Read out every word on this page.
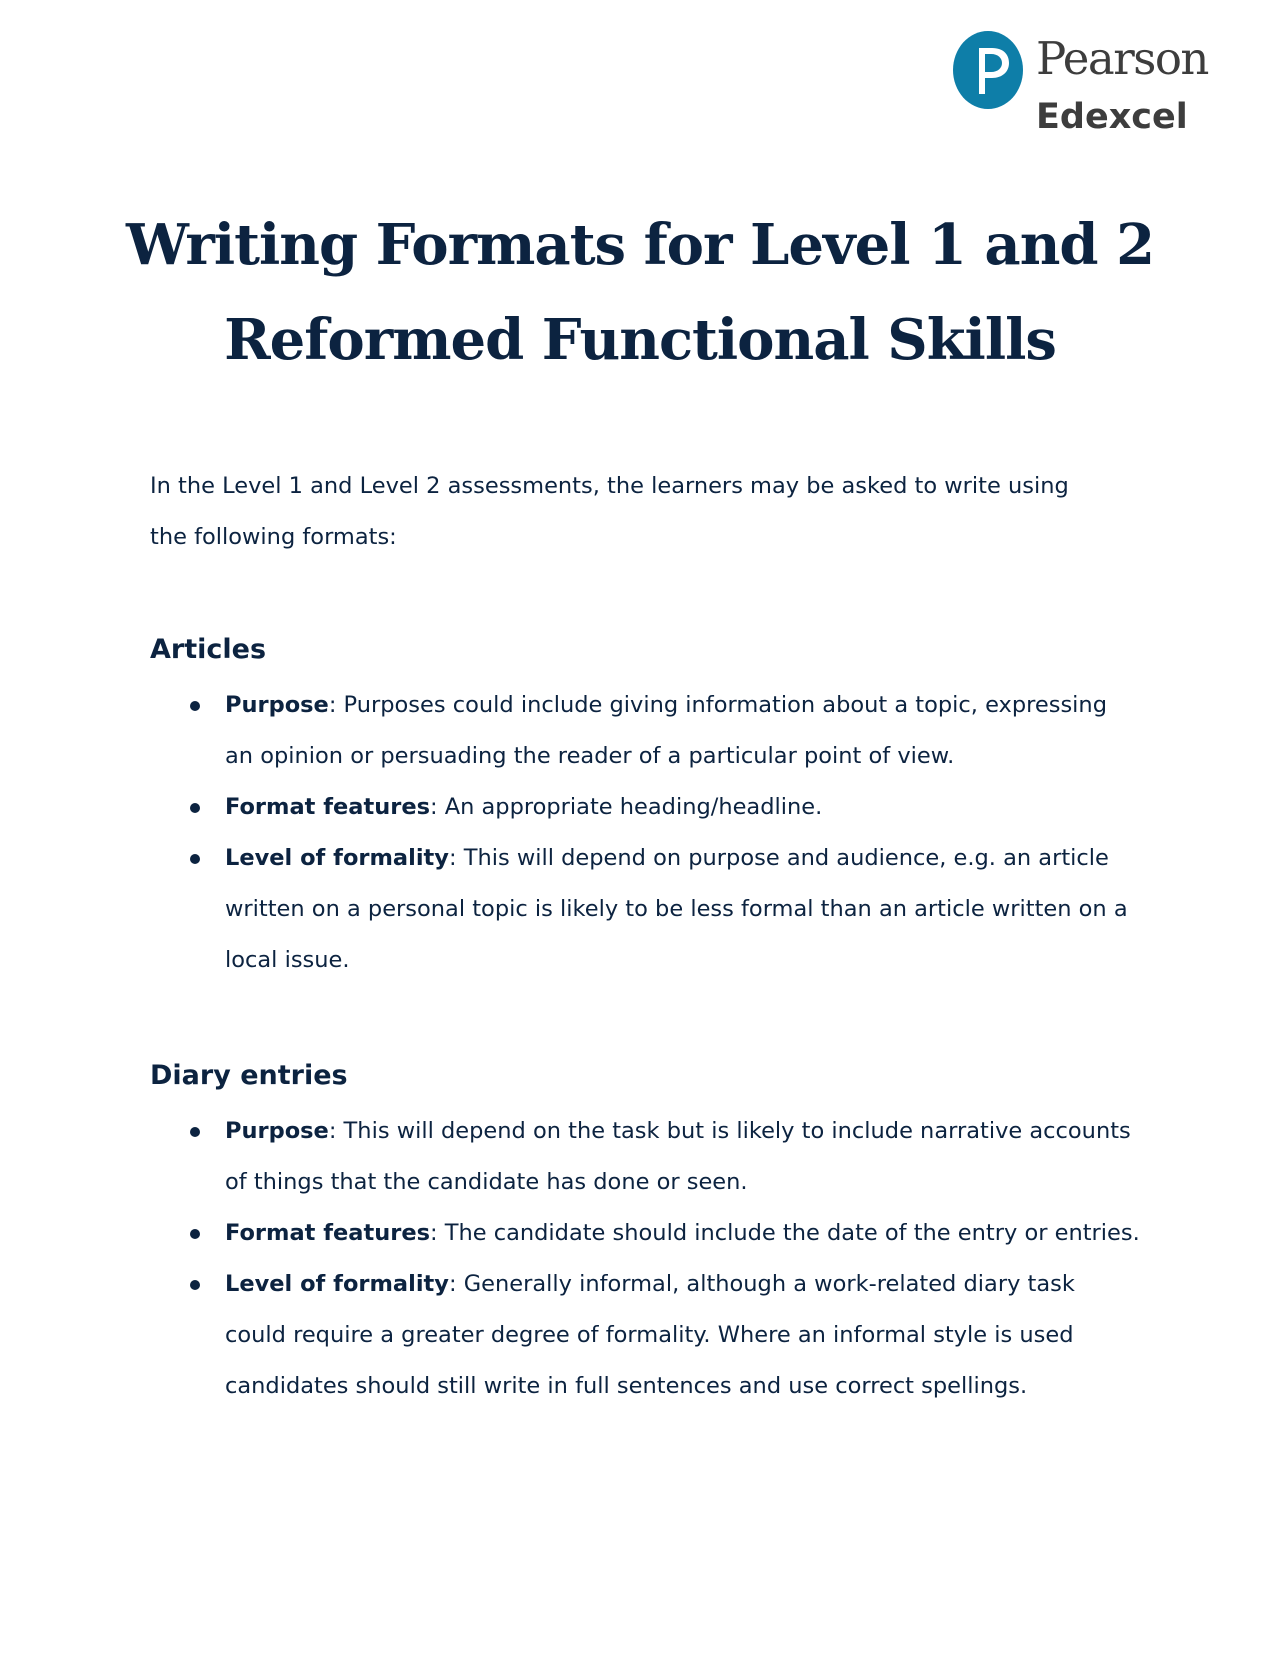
Pearson
Edexcel
Writing Formats for Level 1 and 2
Reformed Functional Skills

In the Level 1 and Level 2 assessments, the learners may be asked to write using the following formats:

Articles
Purpose: Purposes could include giving information about a topic, expressing an opinion or persuading the reader of a particular point of view.
Format features: An appropriate heading/headline.
Level of formality: This will depend on purpose and audience, e.g. an article written on a personal topic is likely to be less formal than an article written on a local issue.
Diary entries
Purpose: This will depend on the task but is likely to include narrative accounts of things that the candidate has done or seen.
Format features: The candidate should include the date of the entry or entries.
Level of formality: Generally informal, although a work-related diary task could require a greater degree of formality. Where an informal style is used candidates should still write in full sentences and use correct spellings.
